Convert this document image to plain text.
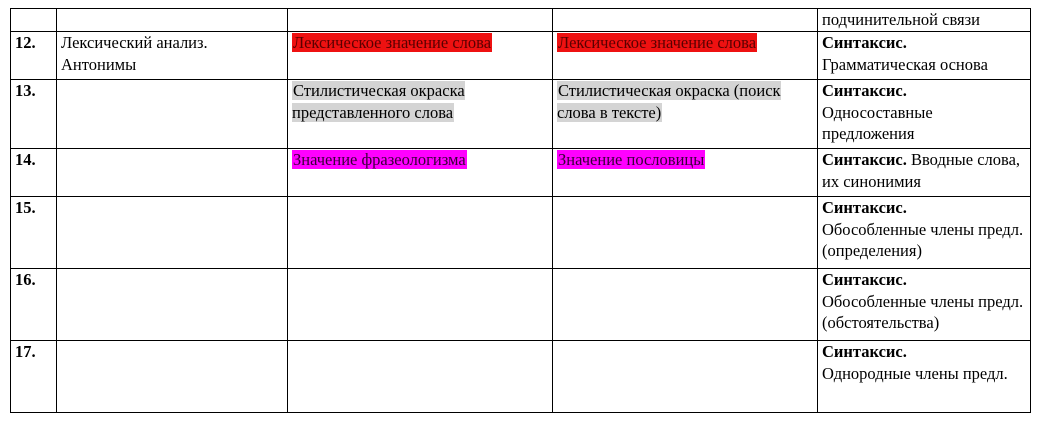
				подчинительной связи
12.	Лексический анализ. Антонимы	Лексическое значение слова	Лексическое значение слова	Синтаксис.
Грамматическая основа
13.		Стилистическая окраска представленного слова	Стилистическая окраска (поиск слова в тексте)	Синтаксис.
Односоставные предложения
14.		Значение фразеологизма	Значение пословицы	Синтаксис. Вводные слова, их синонимия
15.				Синтаксис.
Обособленные члены предл. (определения)
16.				Синтаксис.
Обособленные члены предл. (обстоятельства)
17.				Синтаксис.
Однородные члены предл.
